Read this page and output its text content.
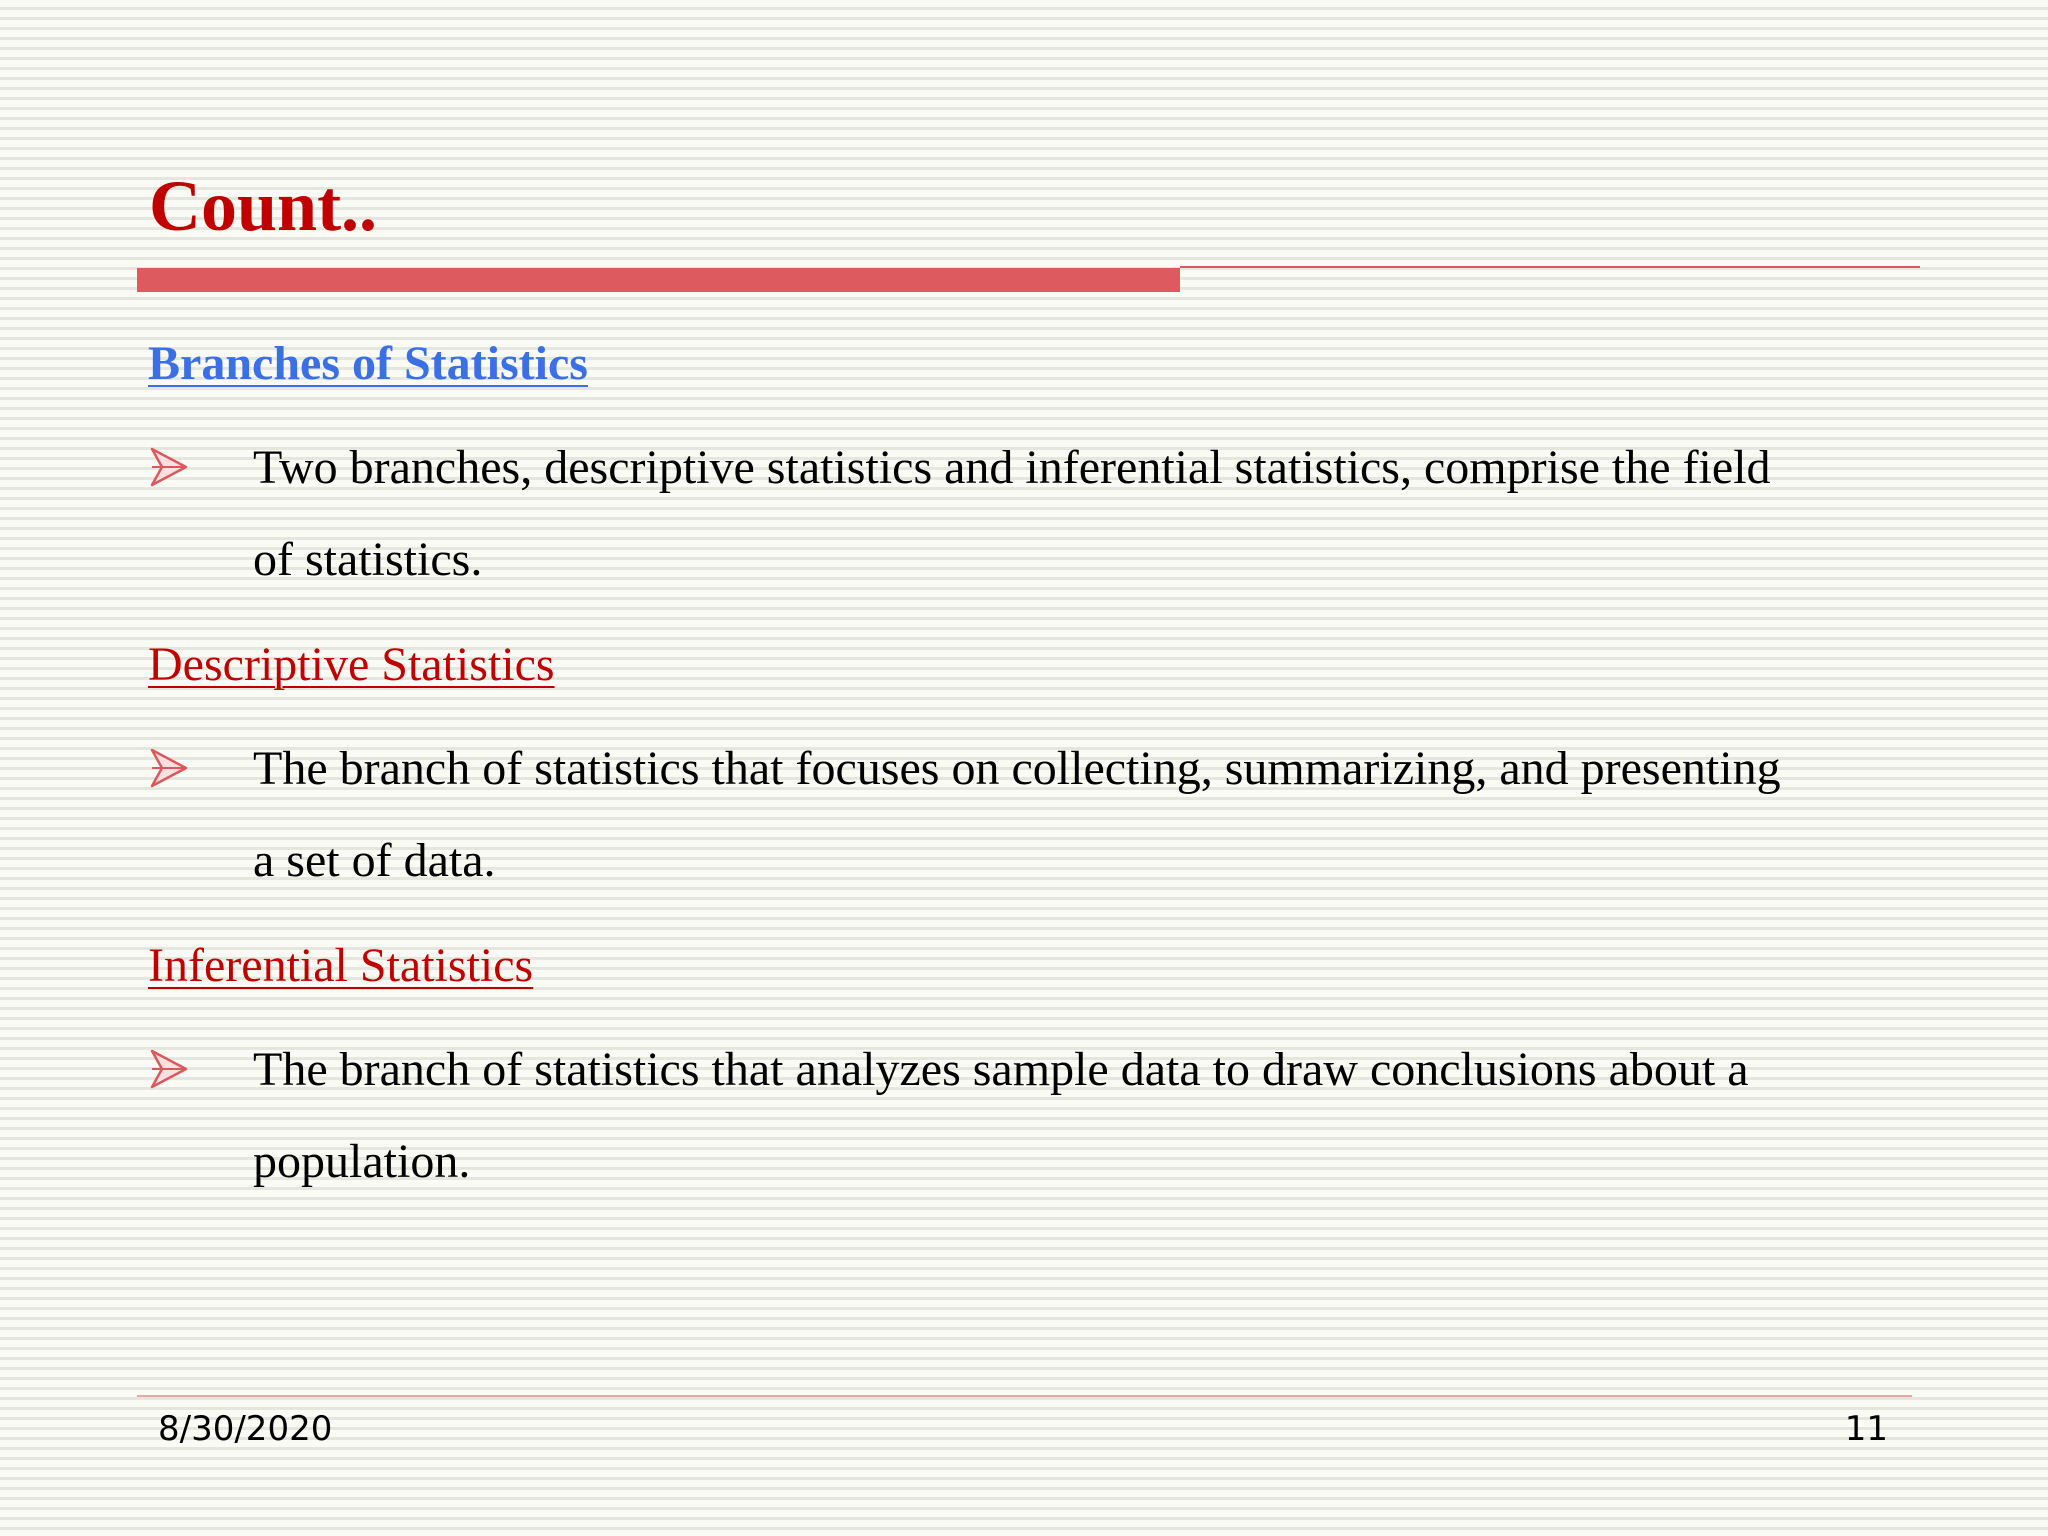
Count..
Branches of Statistics
Two branches, descriptive statistics and inferential statistics, comprise the field
of statistics.
Descriptive Statistics
The branch of statistics that focuses on collecting, summarizing, and presenting
a set of data.
Inferential Statistics
The branch of statistics that analyzes sample data to draw conclusions about a
population.
8/30/2020	11
